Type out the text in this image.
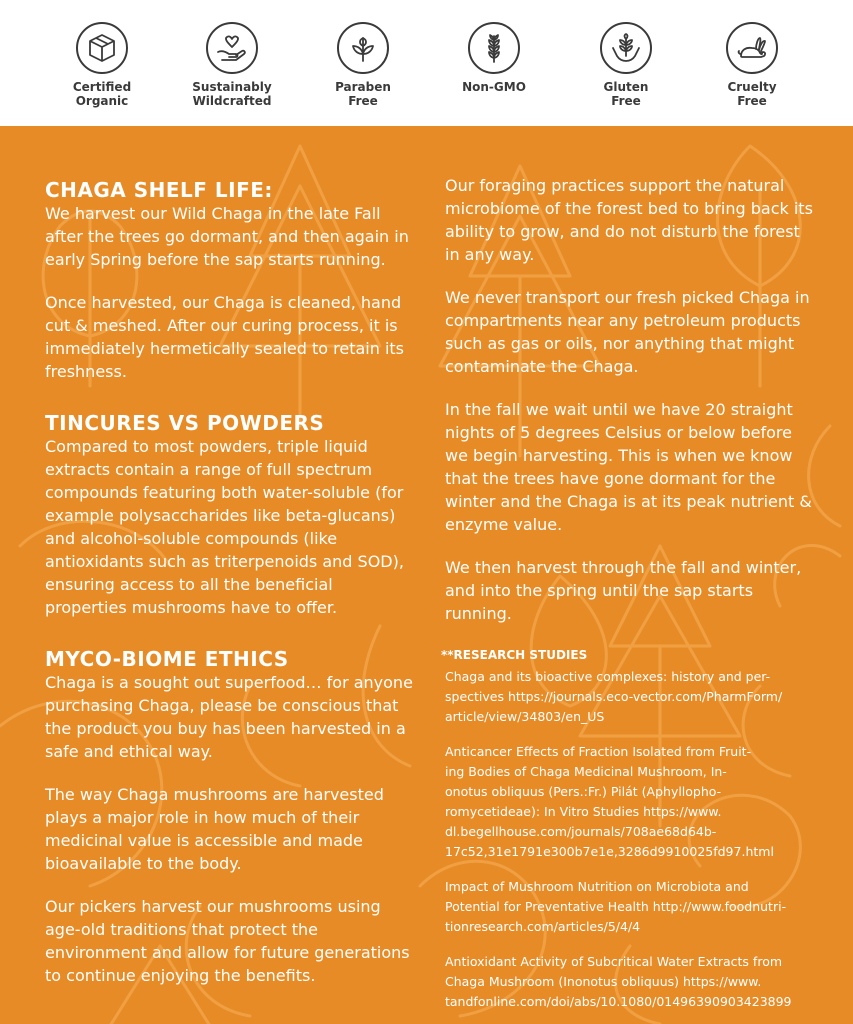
Certified
Organic
Sustainably
Wildcrafted
Paraben
Free
Non-GMO	Gluten
Free
Cruelty
Free
CHAGA SHELF LIFE:
We harvest our Wild Chaga in the late Fall after the trees go dormant, and then again in early Spring before the sap starts running.
Once harvested, our Chaga is cleaned, hand cut & meshed. After our curing process, it is immediately hermetically sealed to retain its freshness.
TINCURES VS POWDERS
Compared to most powders, triple liquid extracts contain a range of full spectrum compounds featuring both water-soluble (for example polysaccharides like beta-glucans) and alcohol-soluble compounds (like antioxidants such as triterpenoids and SOD), ensuring access to all the beneficial properties mushrooms have to offer.
MYCO-BIOME ETHICS
Chaga is a sought out superfood… for anyone purchasing Chaga, please be conscious that the product you buy has been harvested in a safe and ethical way.
The way Chaga mushrooms are harvested plays a major role in how much of their medicinal value is accessible and made bioavailable to the body.
Our pickers harvest our mushrooms using age-old traditions that protect the environment and allow for future generations to continue enjoying the benefits.
Our foraging practices support the natural microbiome of the forest bed to bring back its ability to grow, and do not disturb the forest in any way.
We never transport our fresh picked Chaga in compartments near any petroleum products such as gas or oils, nor anything that might contaminate the Chaga.
In the fall we wait until we have 20 straight nights of 5 degrees Celsius or below before we begin harvesting. This is when we know that the trees have gone dormant for the winter and the Chaga is at its peak nutrient & enzyme value.
We then harvest through the fall and winter, and into the spring until the sap starts running.
**RESEARCH STUDIES
Chaga and its bioactive complexes: history and per-
spectives https://journals.eco-vector.com/PharmForm/
article/view/34803/en_US
Anticancer Effects of Fraction Isolated from Fruit-
ing Bodies of Chaga Medicinal Mushroom, In-
onotus obliquus (Pers.:Fr.) Pilát (Aphyllopho-
romycetideae): In Vitro Studies https://www.
dl.begellhouse.com/journals/708ae68d64b-
17c52,31e1791e300b7e1e,3286d9910025fd97.html
Impact of Mushroom Nutrition on Microbiota and
Potential for Preventative Health http://www.foodnutri-
tionresearch.com/articles/5/4/4
Antioxidant Activity of Subcritical Water Extracts from
Chaga Mushroom (Inonotus obliquus) https://www.
tandfonline.com/doi/abs/10.1080/01496390903423899
